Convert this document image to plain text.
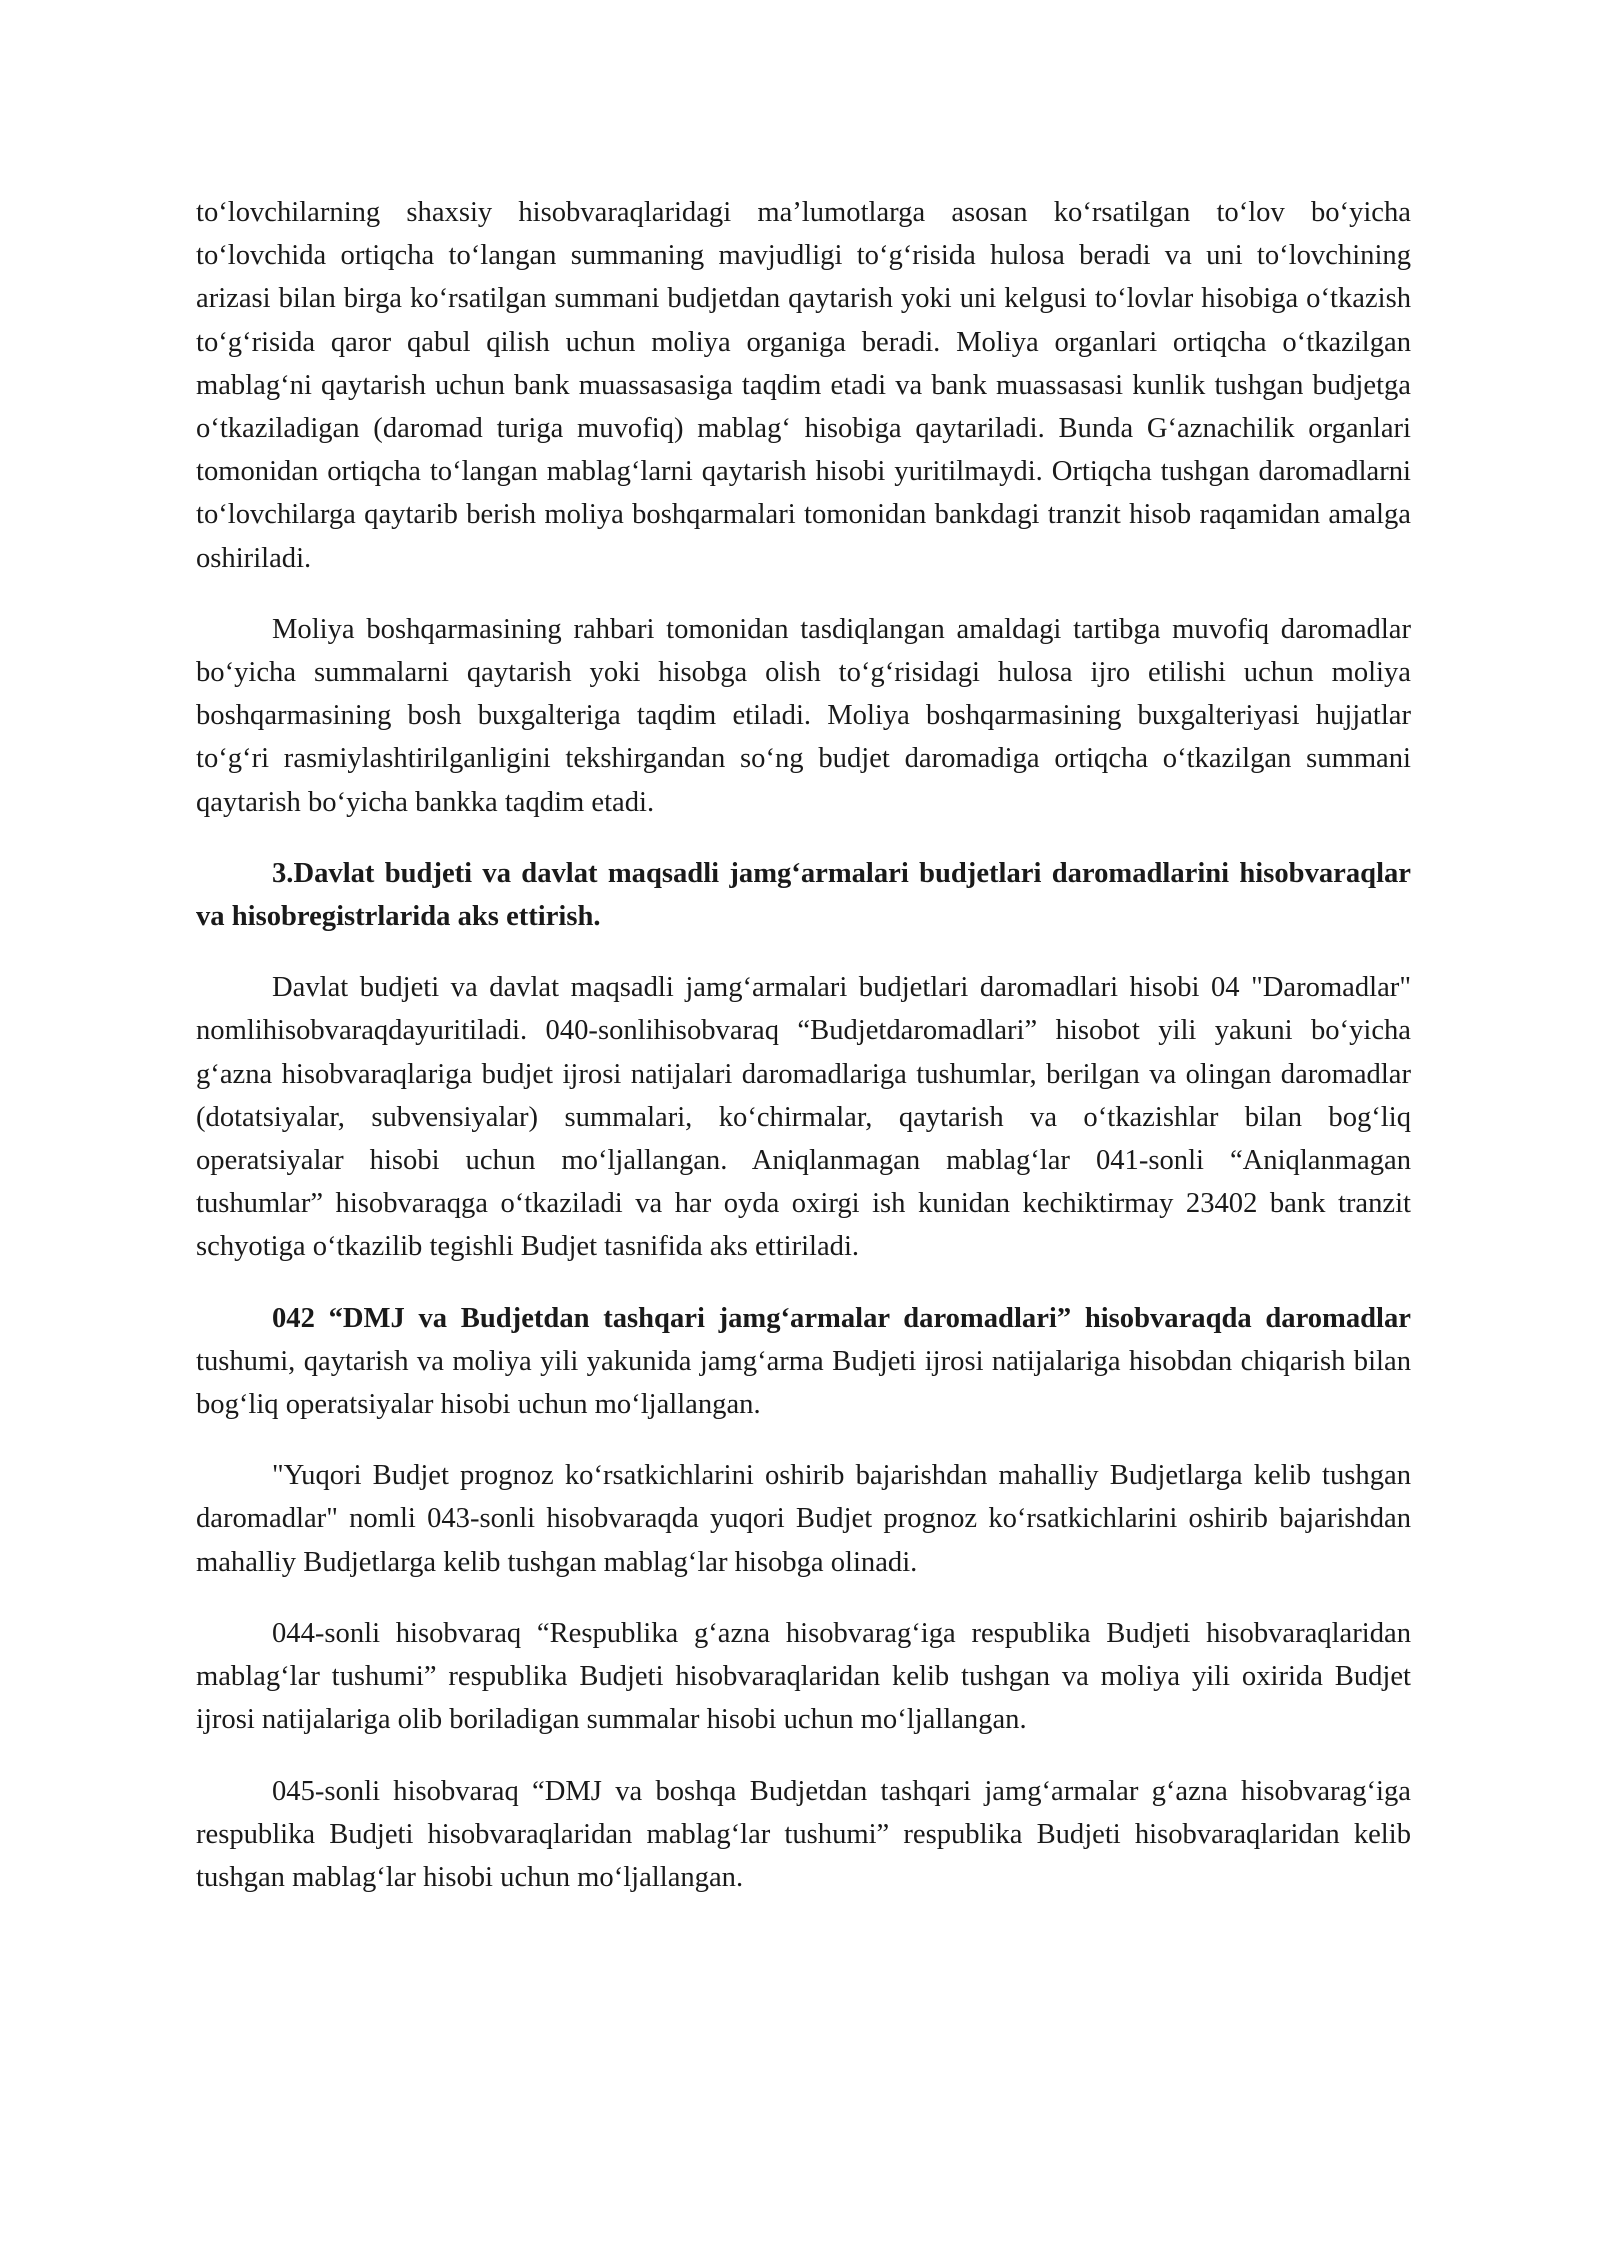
to‘lovchilarning shaxsiy hisobvaraqlaridagi ma’lumotlarga asosan ko‘rsatilgan to‘lov bo‘yicha to‘lovchida ortiqcha to‘langan summaning mavjudligi to‘g‘risida hulosa beradi va uni to‘lovchining arizasi bilan birga ko‘rsatilgan summani budjetdan qaytarish yoki uni kelgusi to‘lovlar hisobiga o‘tkazish to‘g‘risida qaror qabul qilish uchun moliya organiga beradi. Moliya organlari ortiqcha o‘tkazilgan mablag‘ni qaytarish uchun bank muassasasiga taqdim etadi va bank muassasasi kunlik tushgan budjetga o‘tkaziladigan (daromad turiga muvofiq) mablag‘ hisobiga qaytariladi. Bunda G‘aznachilik organlari tomonidan ortiqcha to‘langan mablag‘larni qaytarish hisobi yuritilmaydi. Ortiqcha tushgan daromadlarni to‘lovchilarga qaytarib berish moliya boshqarmalari tomonidan bankdagi tranzit hisob raqamidan amalga oshiriladi.

Moliya boshqarmasining rahbari tomonidan tasdiqlangan amaldagi tartibga muvofiq daromadlar bo‘yicha summalarni qaytarish yoki hisobga olish to‘g‘risidagi hulosa ijro etilishi uchun moliya boshqarmasining bosh buxgalteriga taqdim etiladi. Moliya boshqarmasining buxgalteriyasi hujjatlar to‘g‘ri rasmiylashtirilganligini tekshirgandan so‘ng budjet daromadiga ortiqcha o‘tkazilgan summani qaytarish bo‘yicha bankka taqdim etadi.

3.Davlat budjeti va davlat maqsadli jamg‘armalari budjetlari daromadlarini hisobvaraqlar va hisobregistrlarida aks ettirish.

Davlat budjeti va davlat maqsadli jamg‘armalari budjetlari daromadlari hisobi 04 "Daromadlar" nomlihisobvaraqdayuritiladi. 040-sonlihisobvaraq “Budjetdaromadlari” hisobot yili yakuni bo‘yicha g‘azna hisobvaraqlariga budjet ijrosi natijalari daromadlariga tushumlar, berilgan va olingan daromadlar (dotatsiyalar, subvensiyalar) summalari, ko‘chirmalar, qaytarish va o‘tkazishlar bilan bog‘liq operatsiyalar hisobi uchun mo‘ljallangan. Aniqlanmagan mablag‘lar 041-sonli “Aniqlanmagan tushumlar” hisobvaraqga o‘tkaziladi va har oyda oxirgi ish kunidan kechiktirmay 23402 bank tranzit schyotiga o‘tkazilib tegishli Budjet tasnifida aks ettiriladi.

042 “DMJ va Budjetdan tashqari jamg‘armalar daromadlari” hisobvaraqda daromadlar tushumi, qaytarish va moliya yili yakunida jamg‘arma Budjeti ijrosi natijalariga hisobdan chiqarish bilan bog‘liq operatsiyalar hisobi uchun mo‘ljallangan.

"Yuqori Budjet prognoz ko‘rsatkichlarini oshirib bajarishdan mahalliy Budjetlarga kelib tushgan daromadlar" nomli 043-sonli hisobvaraqda yuqori Budjet prognoz ko‘rsatkichlarini oshirib bajarishdan mahalliy Budjetlarga kelib tushgan mablag‘lar hisobga olinadi.

044-sonli hisobvaraq “Respublika g‘azna hisobvarag‘iga respublika Budjeti hisobvaraqlaridan mablag‘lar tushumi” respublika Budjeti hisobvaraqlaridan kelib tushgan va moliya yili oxirida Budjet ijrosi natijalariga olib boriladigan summalar hisobi uchun mo‘ljallangan.

045-sonli hisobvaraq “DMJ va boshqa Budjetdan tashqari jamg‘armalar g‘azna hisobvarag‘iga respublika Budjeti hisobvaraqlaridan mablag‘lar tushumi” respublika Budjeti hisobvaraqlaridan kelib tushgan mablag‘lar hisobi uchun mo‘ljallangan.
